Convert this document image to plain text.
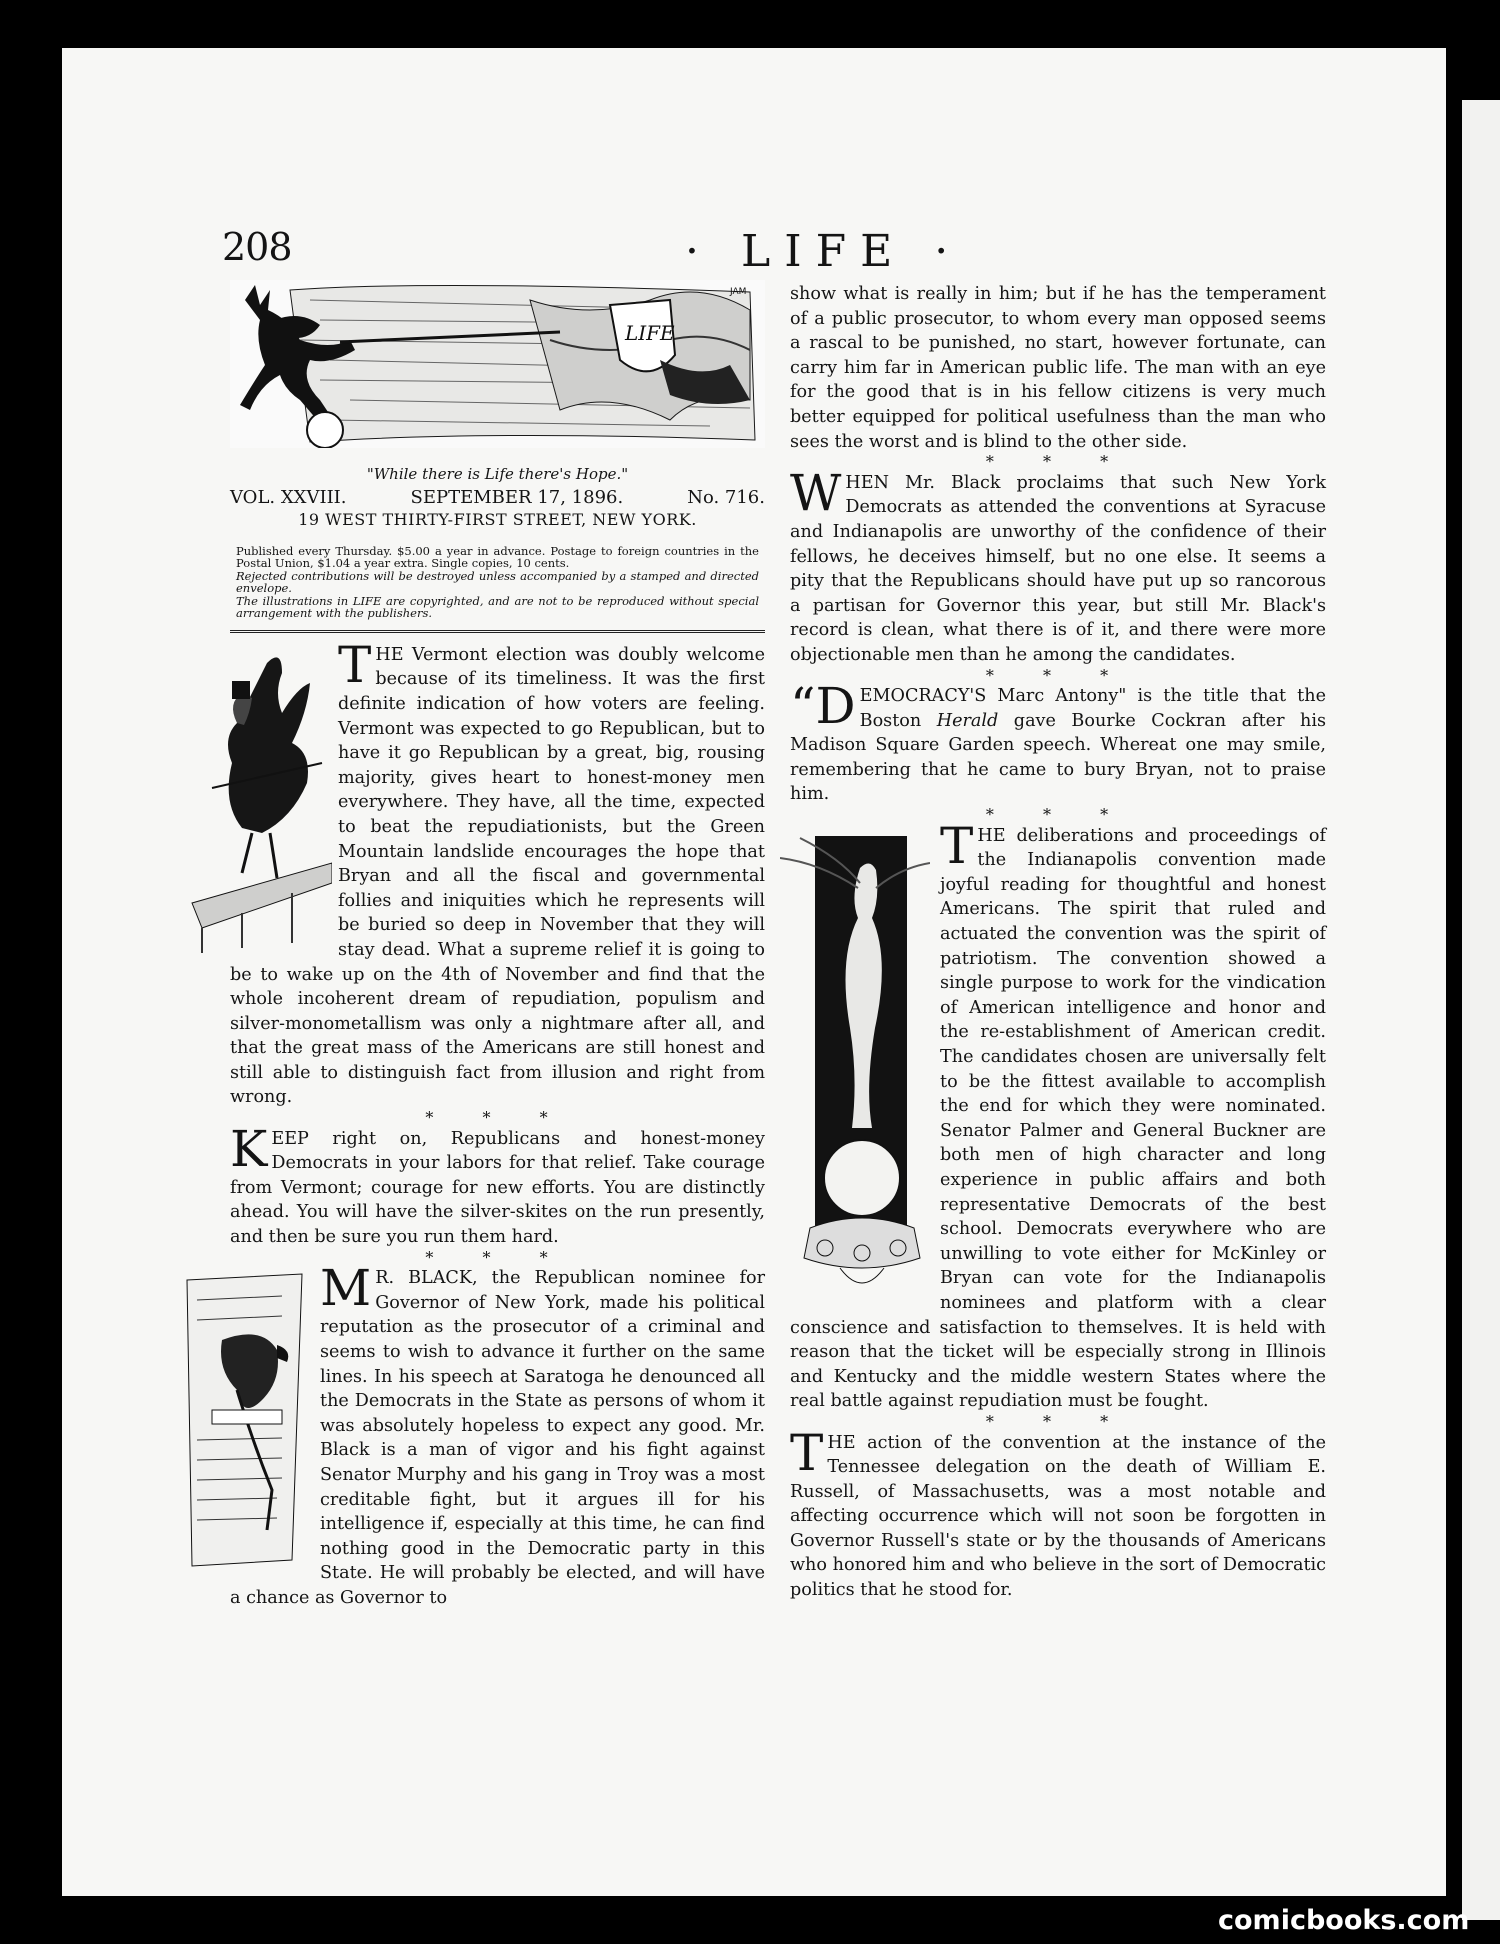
208	· LIFE ·
LIFE
JAM
"While there is Life there's Hope."
VOL. XXVIII.	SEPTEMBER 17, 1896.	No. 716.
19 WEST THIRTY-FIRST STREET, NEW YORK.
Published every Thursday. $5.00 a year in advance. Postage to foreign countries in the Postal Union, $1.04 a year extra. Single copies, 10 cents.
Rejected contributions will be destroyed unless accompanied by a stamped and directed envelope.
The illustrations in LIFE are copyrighted, and are not to be reproduced without special arrangement with the publishers.

THE Vermont election was doubly welcome because of its timeliness. It was the first definite indication of how voters are feeling. Vermont was expected to go Republican, but to have it go Republican by a great, big, rousing majority, gives heart to honest-money men everywhere. They have, all the time, expected to beat the repudiationists, but the Green Mountain landslide encourages the hope that Bryan and all the fiscal and governmental follies and iniquities which he represents will be buried so deep in November that they will stay dead. What a supreme relief it is going to be to wake up on the 4th of November and find that the whole incoherent dream of repudiation, populism and silver-monometallism was only a nightmare after all, and that the great mass of the Americans are still honest and still able to distinguish fact from illusion and right from wrong.

* * *

KEEP right on, Republicans and honest-money Democrats in your labors for that relief. Take courage from Vermont; courage for new efforts. You are distinctly ahead. You will have the silver-skites on the run presently, and then be sure you run them hard.

* * *

M R. BLACK, the Republican nominee for Governor of New York, made his political reputation as the prosecutor of a criminal and seems to wish to advance it further on the same lines. In his speech at Saratoga he denounced all the Democrats in the State as persons of whom it was absolutely hopeless to expect any good. Mr. Black is a man of vigor and his fight against Senator Murphy and his gang in Troy was a most creditable fight, but it argues ill for his intelligence if, especially at this time, he can find nothing good in the Democratic party in this State. He will probably be elected, and will have a chance as Governor to

show what is really in him; but if he has the temperament of a public prosecutor, to whom every man opposed seems a rascal to be punished, no start, however fortunate, can carry him far in American public life. The man with an eye for the good that is in his fellow citizens is very much better equipped for political usefulness than the man who sees the worst and is blind to the other side.

* * *

WHEN Mr. Black proclaims that such New York Democrats as attended the conventions at Syracuse and Indianapolis are unworthy of the confidence of their fellows, he deceives himself, but no one else. It seems a pity that the Republicans should have put up so rancorous a partisan for Governor this year, but still Mr. Black's record is clean, what there is of it, and there were more objectionable men than he among the candidates.

* * *

“DEMOCRACY'S Marc Antony" is the title that the Boston Herald gave Bourke Cockran after his Madison Square Garden speech. Whereat one may smile, remembering that he came to bury Bryan, not to praise him.

* * *

THE deliberations and proceedings of the Indianapolis convention made joyful reading for thoughtful and honest Americans. The spirit that ruled and actuated the convention was the spirit of patriotism. The convention showed a single purpose to work for the vindication of American intelligence and honor and the re-establishment of American credit. The candidates chosen are universally felt to be the fittest available to accomplish the end for which they were nominated. Senator Palmer and General Buckner are both men of high character and long experience in public affairs and both representative Democrats of the best school. Democrats everywhere who are unwilling to vote either for McKinley or Bryan can vote for the Indianapolis nominees and platform with a clear conscience and satisfaction to themselves. It is held with reason that the ticket will be especially strong in Illinois and Kentucky and the middle western States where the real battle against repudiation must be fought.

* * *

THE action of the convention at the instance of the Tennessee delegation on the death of William E. Russell, of Massachusetts, was a most notable and affecting occurrence which will not soon be forgotten in Governor Russell's state or by the thousands of Americans who honored him and who believe in the sort of Democratic politics that he stood for.

comicbooks.com
